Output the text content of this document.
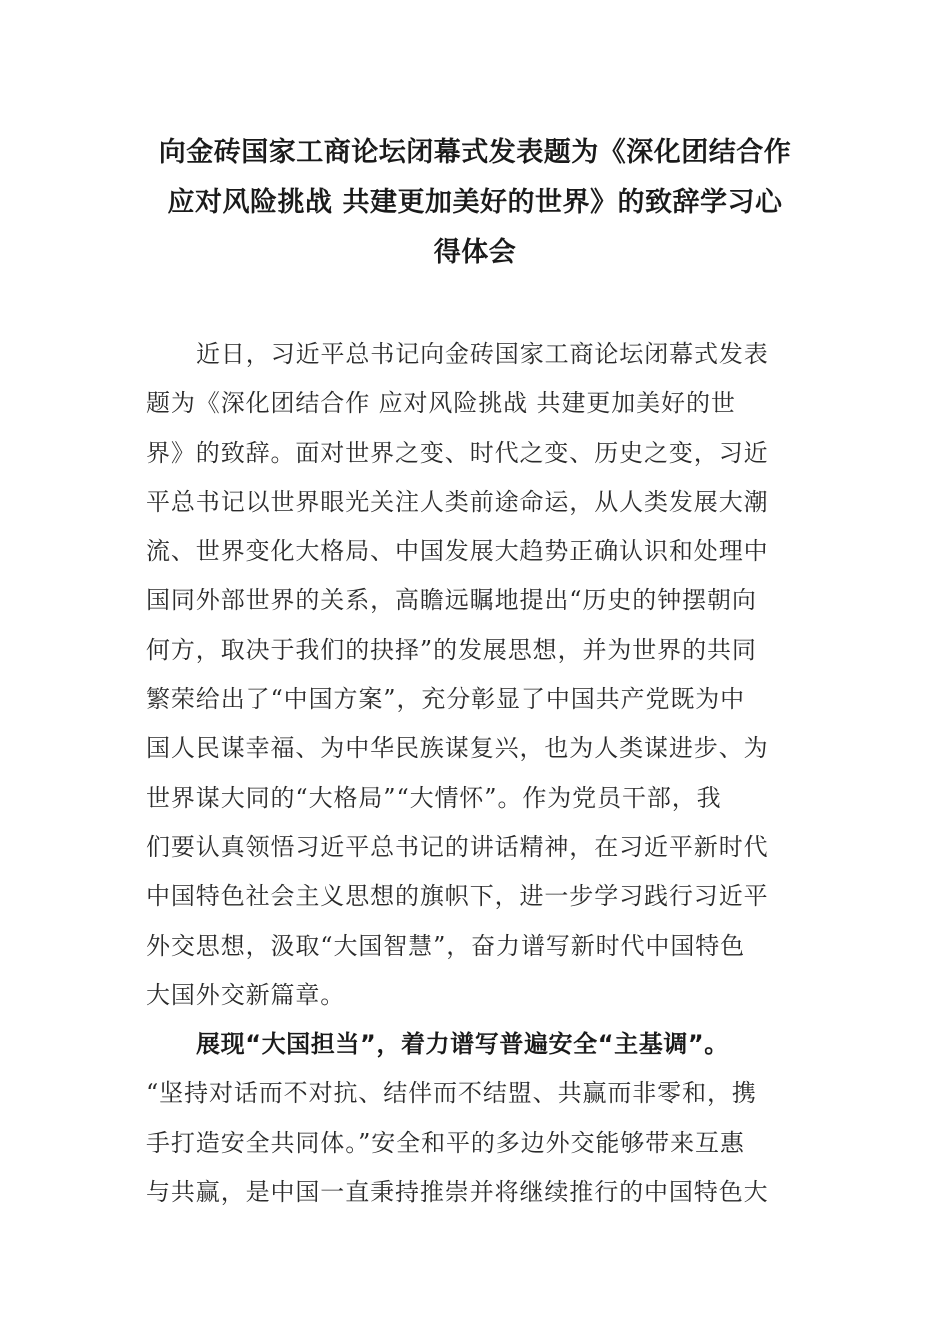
向金砖国家工商论坛闭幕式发表题为《深化团结合作
应对风险挑战 共建更加美好的世界》的致辞学习心
得体会
近日，习近平总书记向金砖国家工商论坛闭幕式发表
题为《深化团结合作 应对风险挑战 共建更加美好的世
界》的致辞。面对世界之变、时代之变、历史之变，习近
平总书记以世界眼光关注人类前途命运，从人类发展大潮
流、世界变化大格局、中国发展大趋势正确认识和处理中
国同外部世界的关系，高瞻远瞩地提出“历史的钟摆朝向
何方，取决于我们的抉择”的发展思想，并为世界的共同
繁荣给出了“中国方案”，充分彰显了中国共产党既为中
国人民谋幸福、为中华民族谋复兴，也为人类谋进步、为
世界谋大同的“大格局”“大情怀”。作为党员干部，我
们要认真领悟习近平总书记的讲话精神，在习近平新时代
中国特色社会主义思想的旗帜下，进一步学习践行习近平
外交思想，汲取“大国智慧”，奋力谱写新时代中国特色
大国外交新篇章。
展现“大国担当”，着力谱写普遍安全“主基调”。
“坚持对话而不对抗、结伴而不结盟、共赢而非零和，携
手打造安全共同体。”安全和平的多边外交能够带来互惠
与共赢，是中国一直秉持推崇并将继续推行的中国特色大
